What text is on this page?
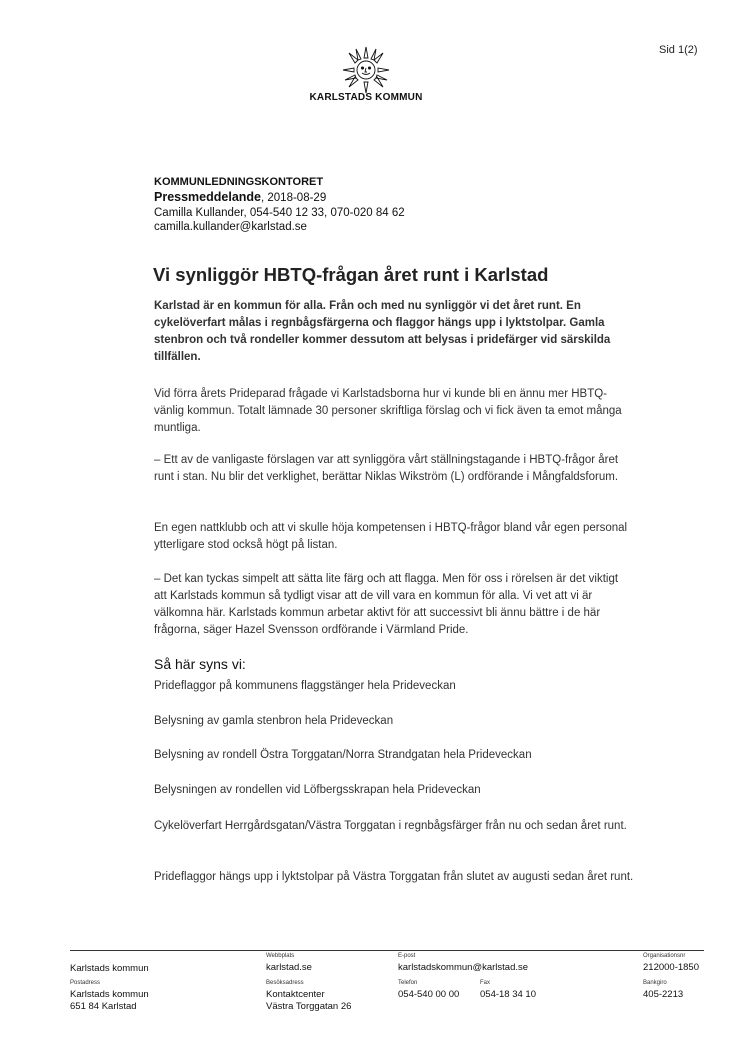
Sid 1(2)
KARLSTADS KOMMUN
KOMMUNLEDNINGSKONTORET
Pressmeddelande, 2018-08-29
Camilla Kullander, 054-540 12 33, 070-020 84 62
camilla.kullander@karlstad.se
Vi synliggör HBTQ-frågan året runt i Karlstad
Karlstad är en kommun för alla. Från och med nu synliggör vi det året runt. En cykelöverfart målas i regnbågsfärgerna och flaggor hängs upp i lyktstolpar. Gamla stenbron och två rondeller kommer dessutom att belysas i pridefärger vid särskilda tillfällen.
Vid förra årets Prideparad frågade vi Karlstadsborna hur vi kunde bli en ännu mer HBTQ-vänlig kommun. Totalt lämnade 30 personer skriftliga förslag och vi fick även ta emot många muntliga.
– Ett av de vanligaste förslagen var att synliggöra vårt ställningstagande i HBTQ-frågor året runt i stan. Nu blir det verklighet, berättar Niklas Wikström (L) ordförande i Mångfaldsforum.
En egen nattklubb och att vi skulle höja kompetensen i HBTQ-frågor bland vår egen personal ytterligare stod också högt på listan.
– Det kan tyckas simpelt att sätta lite färg och att flagga. Men för oss i rörelsen är det viktigt att Karlstads kommun så tydligt visar att de vill vara en kommun för alla. Vi vet att vi är välkomna här. Karlstads kommun arbetar aktivt för att successivt bli ännu bättre i de här frågorna, säger Hazel Svensson ordförande i Värmland Pride.
Så här syns vi:
Prideflaggor på kommunens flaggstänger hela Prideveckan
Belysning av gamla stenbron hela Prideveckan
Belysning av rondell Östra Torggatan/Norra Strandgatan hela Prideveckan
Belysningen av rondellen vid Löfbergsskrapan hela Prideveckan
Cykelöverfart Herrgårdsgatan/Västra Torggatan i regnbågsfärger från nu och sedan året runt.
Prideflaggor hängs upp i lyktstolpar på Västra Torggatan från slutet av augusti sedan året runt.
Karlstads kommun
Webbplats
karlstad.se
E-post
karlstadskommun@karlstad.se
Organisationsnr
212000-1850
Postadress
Karlstads kommun
651 84 Karlstad
Besöksadress
Kontaktcenter
Västra Torggatan 26
Telefon
054-540 00 00
Fax
054-18 34 10
Bankgiro
405-2213
